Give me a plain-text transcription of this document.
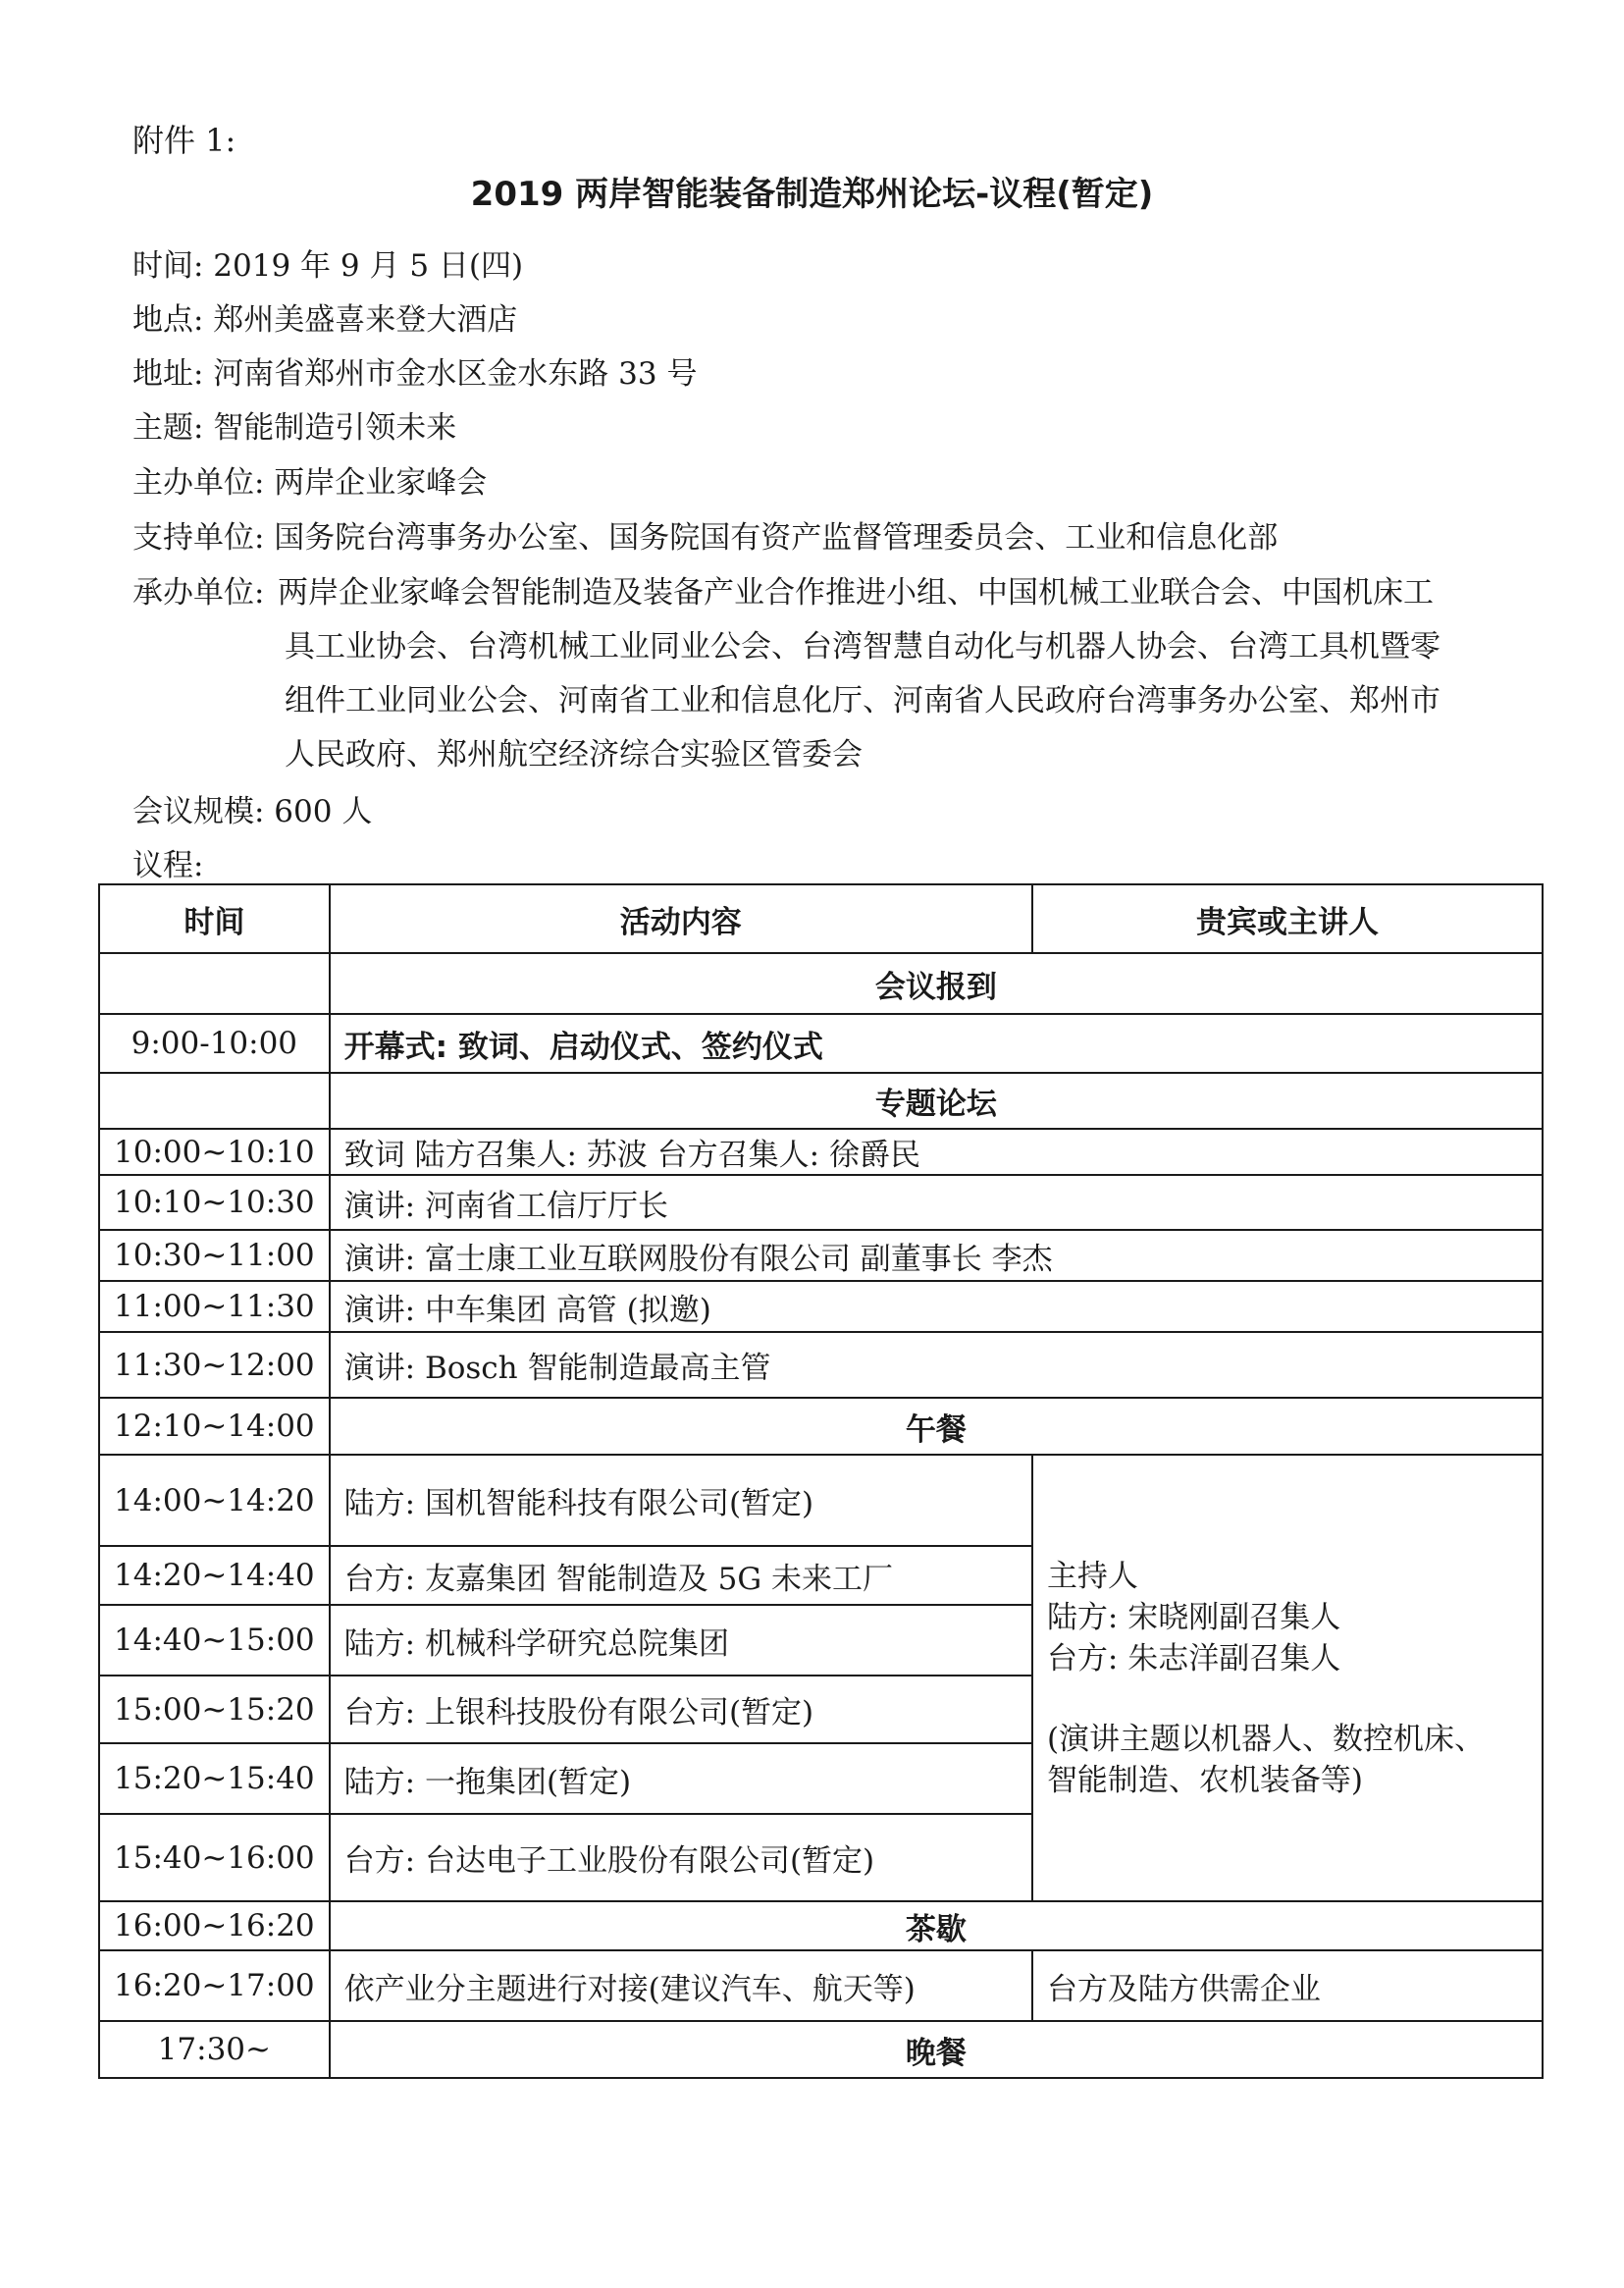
附件 1:
2019 两岸智能装备制造郑州论坛-议程(暂定)
时间: 2019 年 9 月 5 日(四)
地点: 郑州美盛喜来登大酒店
地址: 河南省郑州市金水区金水东路 33 号
主题: 智能制造引领未来
主办单位: 两岸企业家峰会
支持单位: 国务院台湾事务办公室、国务院国有资产监督管理委员会、工业和信息化部
承办单位: 两岸企业家峰会智能制造及装备产业合作推进小组、中国机械工业联合会、中国机床工
具工业协会、台湾机械工业同业公会、台湾智慧自动化与机器人协会、台湾工具机暨零
组件工业同业公会、河南省工业和信息化厅、河南省人民政府台湾事务办公室、郑州市
人民政府、郑州航空经济综合实验区管委会
会议规模: 600 人
议程:
时间	活动内容	贵宾或主讲人
	会议报到	
9:00-10:00	开幕式: 致词、启动仪式、签约仪式	
	专题论坛	
10:00~10:10	致词 陆方召集人: 苏波 台方召集人: 徐爵民	
10:10~10:30	演讲: 河南省工信厅厅长	
10:30~11:00	演讲: 富士康工业互联网股份有限公司 副董事长 李杰	
11:00~11:30	演讲: 中车集团 高管 (拟邀)	
11:30~12:00	演讲: Bosch 智能制造最高主管	
12:10~14:00	午餐	
14:00~14:20	陆方: 国机智能科技有限公司(暂定)	主持人
陆方: 宋晓刚副召集人
台方: 朱志洋副召集人
(演讲主题以机器人、数控机床、
智能制造、农机装备等)

14:20~14:40	台方: 友嘉集团 智能制造及 5G 未来工厂	
14:40~15:00	陆方: 机械科学研究总院集团	
15:00~15:20	台方: 上银科技股份有限公司(暂定)	
15:20~15:40	陆方: 一拖集团(暂定)	
15:40~16:00	台方: 台达电子工业股份有限公司(暂定)	
16:00~16:20	茶歇	
16:20~17:00	依产业分主题进行对接(建议汽车、航天等)	台方及陆方供需企业
17:30~	晚餐	
